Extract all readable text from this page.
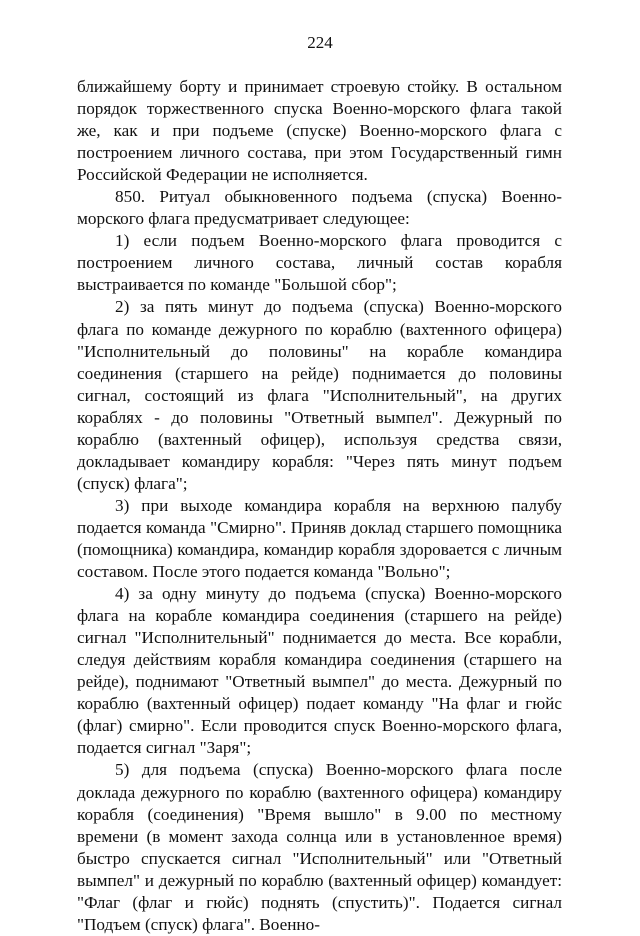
224

ближайшему борту и принимает строевую стойку. В остальном порядок торжественного спуска Военно-морского флага такой же, как и при подъеме (спуске) Военно-морского флага с построением личного состава, при этом Государственный гимн Российской Федерации не исполняется.

850. Ритуал обыкновенного подъема (спуска) Военно-морского флага предусматривает следующее:

1) если подъем Военно-морского флага проводится с построением личного состава, личный состав корабля выстраивается по команде "Большой сбор";

2) за пять минут до подъема (спуска) Военно-морского флага по команде дежурного по кораблю (вахтенного офицера) "Исполнительный до половины" на корабле командира соединения (старшего на рейде) поднимается до половины сигнал, состоящий из флага "Исполнительный", на других кораблях - до половины "Ответный вымпел". Дежурный по кораблю (вахтенный офицер), используя средства связи, докладывает командиру корабля: "Через пять минут подъем (спуск) флага";

3) при выходе командира корабля на верхнюю палубу подается команда "Смирно". Приняв доклад старшего помощника (помощника) командира, командир корабля здоровается с личным составом. После этого подается команда "Вольно";

4) за одну минуту до подъема (спуска) Военно-морского флага на корабле командира соединения (старшего на рейде) сигнал "Исполнительный" поднимается до места. Все корабли, следуя действиям корабля командира соединения (старшего на рейде), поднимают "Ответный вымпел" до места. Дежурный по кораблю (вахтенный офицер) подает команду "На флаг и гюйс (флаг) смирно". Если проводится спуск Военно-морского флага, подается сигнал "Заря";

5) для подъема (спуска) Военно-морского флага после доклада дежурного по кораблю (вахтенного офицера) командиру корабля (соединения) "Время вышло" в 9.00 по местному времени (в момент захода солнца или в установленное время) быстро спускается сигнал "Исполнительный" или "Ответный вымпел" и дежурный по кораблю (вахтенный офицер) командует: "Флаг (флаг и гюйс) поднять (спустить)". Подается сигнал "Подъем (спуск) флага". Военно-
